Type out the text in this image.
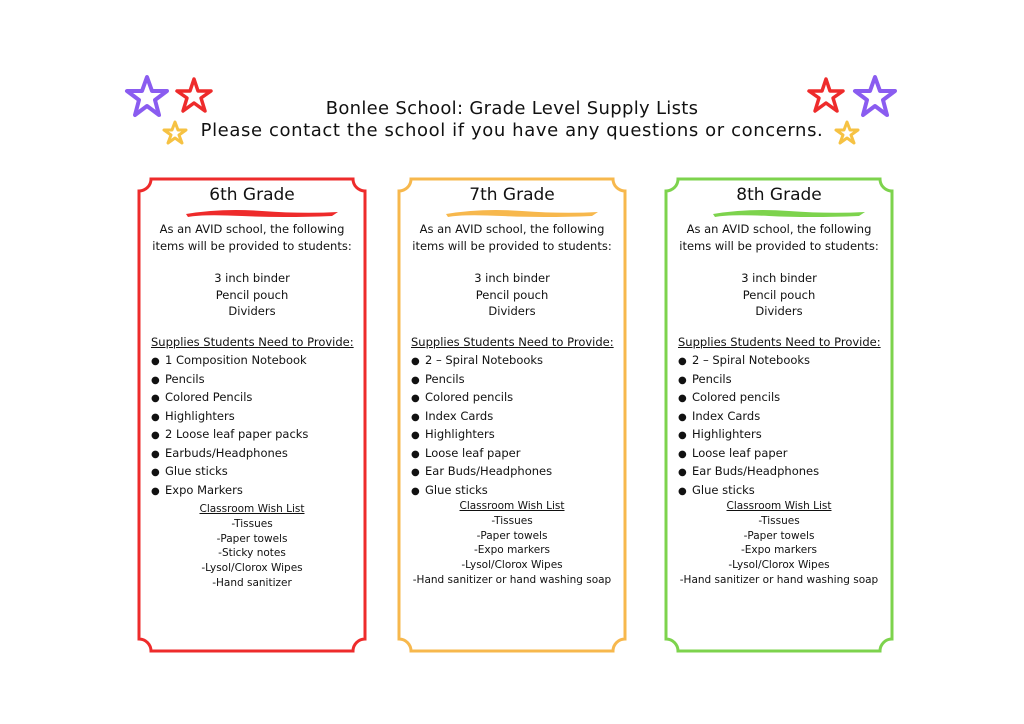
Bonlee School: Grade Level Supply Lists
Please contact the school if you have any questions or concerns.
6th Grade
As an AVID school, the following
items will be provided to students:
3 inch binder
Pencil pouch
Dividers
Supplies Students Need to Provide:
● 1 Composition Notebook
● Pencils
● Colored Pencils
● Highlighters
● 2 Loose leaf paper packs
● Earbuds/Headphones
● Glue sticks
● Expo Markers
Classroom Wish List
-Tissues
-Paper towels
-Sticky notes
-Lysol/Clorox Wipes
-Hand sanitizer
7th Grade
As an AVID school, the following
items will be provided to students:
3 inch binder
Pencil pouch
Dividers
Supplies Students Need to Provide:
● 2 – Spiral Notebooks
● Pencils
● Colored pencils
● Index Cards
● Highlighters
● Loose leaf paper
● Ear Buds/Headphones
● Glue sticks
Classroom Wish List
-Tissues
-Paper towels
-Expo markers
-Lysol/Clorox Wipes
-Hand sanitizer or hand washing soap
8th Grade
As an AVID school, the following
items will be provided to students:
3 inch binder
Pencil pouch
Dividers
Supplies Students Need to Provide:
● 2 – Spiral Notebooks
● Pencils
● Colored pencils
● Index Cards
● Highlighters
● Loose leaf paper
● Ear Buds/Headphones
● Glue sticks
Classroom Wish List
-Tissues
-Paper towels
-Expo markers
-Lysol/Clorox Wipes
-Hand sanitizer or hand washing soap
